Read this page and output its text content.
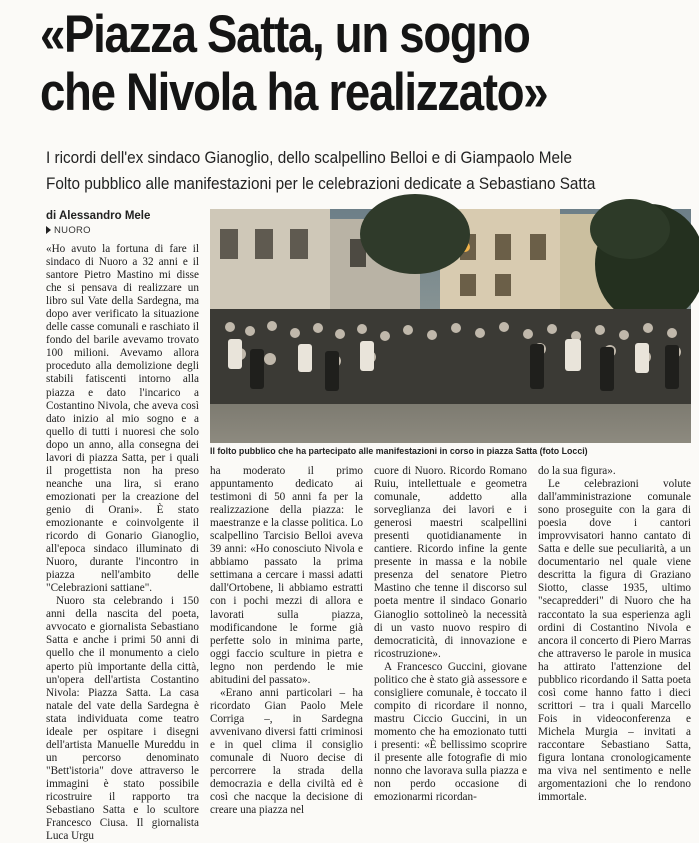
«Piazza Satta, un sogno
che Nivola ha realizzato»
I ricordi dell'ex sindaco Gianoglio, dello scalpellino Belloi e di Giampaolo Mele
Folto pubblico alle manifestazioni per le celebrazioni dedicate a Sebastiano Satta
di Alessandro Mele
NUORO

«Ho avuto la fortuna di fare il sindaco di Nuoro a 32 anni e il santore Pietro Mastino mi disse che si pensava di realizzare un libro sul Vate della Sardegna, ma dopo aver verificato la situazione delle casse comunali e raschiato il fondo del barile avevamo trovato 100 milioni. Avevamo allora proceduto alla demolizione degli stabili fatiscenti intorno alla piazza e dato l'incarico a Costantino Nivola, che aveva così dato inizio al mio sogno e a quello di tutti i nuoresi che solo dopo un anno, alla consegna dei lavori di piazza Satta, per i quali il progettista non ha preso neanche una lira, si erano emozionati per la creazione del genio di Orani». È stato emozionante e coinvolgente il ricordo di Gonario Gianoglio, all'epoca sindaco illuminato di Nuoro, durante l'incontro in piazza nell'ambito delle "Celebrazioni sattiane".

Nuoro sta celebrando i 150 anni della nascita del poeta, avvocato e giornalista Sebastiano Satta e anche i primi 50 anni di quello che il monumento a cielo aperto più importante della città, un'opera dell'artista Costantino Nivola: Piazza Satta. La casa natale del vate della Sardegna è stata individuata come teatro ideale per ospitare i disegni dell'artista Manuelle Mureddu in un percorso denominato "Bett'istoria" dove attraverso le immagini è stato possibile ricostruire il rapporto tra Sebastiano Satta e lo scultore Francesco Ciusa. Il giornalista Luca Urgu

Il folto pubblico che ha partecipato alle manifestazioni in corso in piazza Satta (foto Locci)

ha moderato il primo appuntamento dedicato ai testimoni di 50 anni fa per la realizzazione della piazza: le maestranze e la classe politica. Lo scalpellino Tarcisio Belloi aveva 39 anni: «Ho conosciuto Nivola e abbiamo passato la prima settimana a cercare i massi adatti dall'Ortobene, li abbiamo estratti con i pochi mezzi di allora e lavorati sulla piazza, modificandone le forme già perfette solo in minima parte, oggi faccio sculture in pietra e legno non perdendo le mie abitudini del passato».

«Erano anni particolari – ha ricordato Gian Paolo Mele Corriga –, in Sardegna avvenivano diversi fatti criminosi e in quel clima il consiglio comunale di Nuoro decise di percorrere la strada della democrazia e della civiltà ed è così che nacque la decisione di creare una piazza nel

cuore di Nuoro. Ricordo Romano Ruiu, intellettuale e geometra comunale, addetto alla sorveglianza dei lavori e i generosi maestri scalpellini presenti quotidianamente in cantiere. Ricordo infine la gente presente in massa e la nobile presenza del senatore Pietro Mastino che tenne il discorso sul poeta mentre il sindaco Gonario Gianoglio sottolineò la necessità di un vasto nuovo respiro di democraticità, di innovazione e ricostruzione».

A Francesco Guccini, giovane politico che è stato già assessore e consigliere comunale, è toccato il compito di ricordare il nonno, mastru Ciccio Guccini, in un momento che ha emozionato tutti i presenti: «È bellissimo scoprire il presente alle fotografie di mio nonno che lavorava sulla piazza e non perdo occasione di emozionarmi ricordan-

do la sua figura».

Le celebrazioni volute dall'amministrazione comunale sono proseguite con la gara di poesia dove i cantori improvvisatori hanno cantato di Satta e delle sue peculiarità, a un documentario nel quale viene descritta la figura di Graziano Siotto, classe 1935, ultimo "secapredderi" di Nuoro che ha raccontato la sua esperienza agli ordini di Costantino Nivola e ancora il concerto di Piero Marras che attraverso le parole in musica ha attirato l'attenzione del pubblico ricordando il Satta poeta così come hanno fatto i dieci scrittori – tra i quali Marcello Fois in videoconferenza e Michela Murgia – invitati a raccontare Sebastiano Satta, figura lontana cronologicamente ma viva nel sentimento e nelle argomentazioni che lo rendono immortale.
